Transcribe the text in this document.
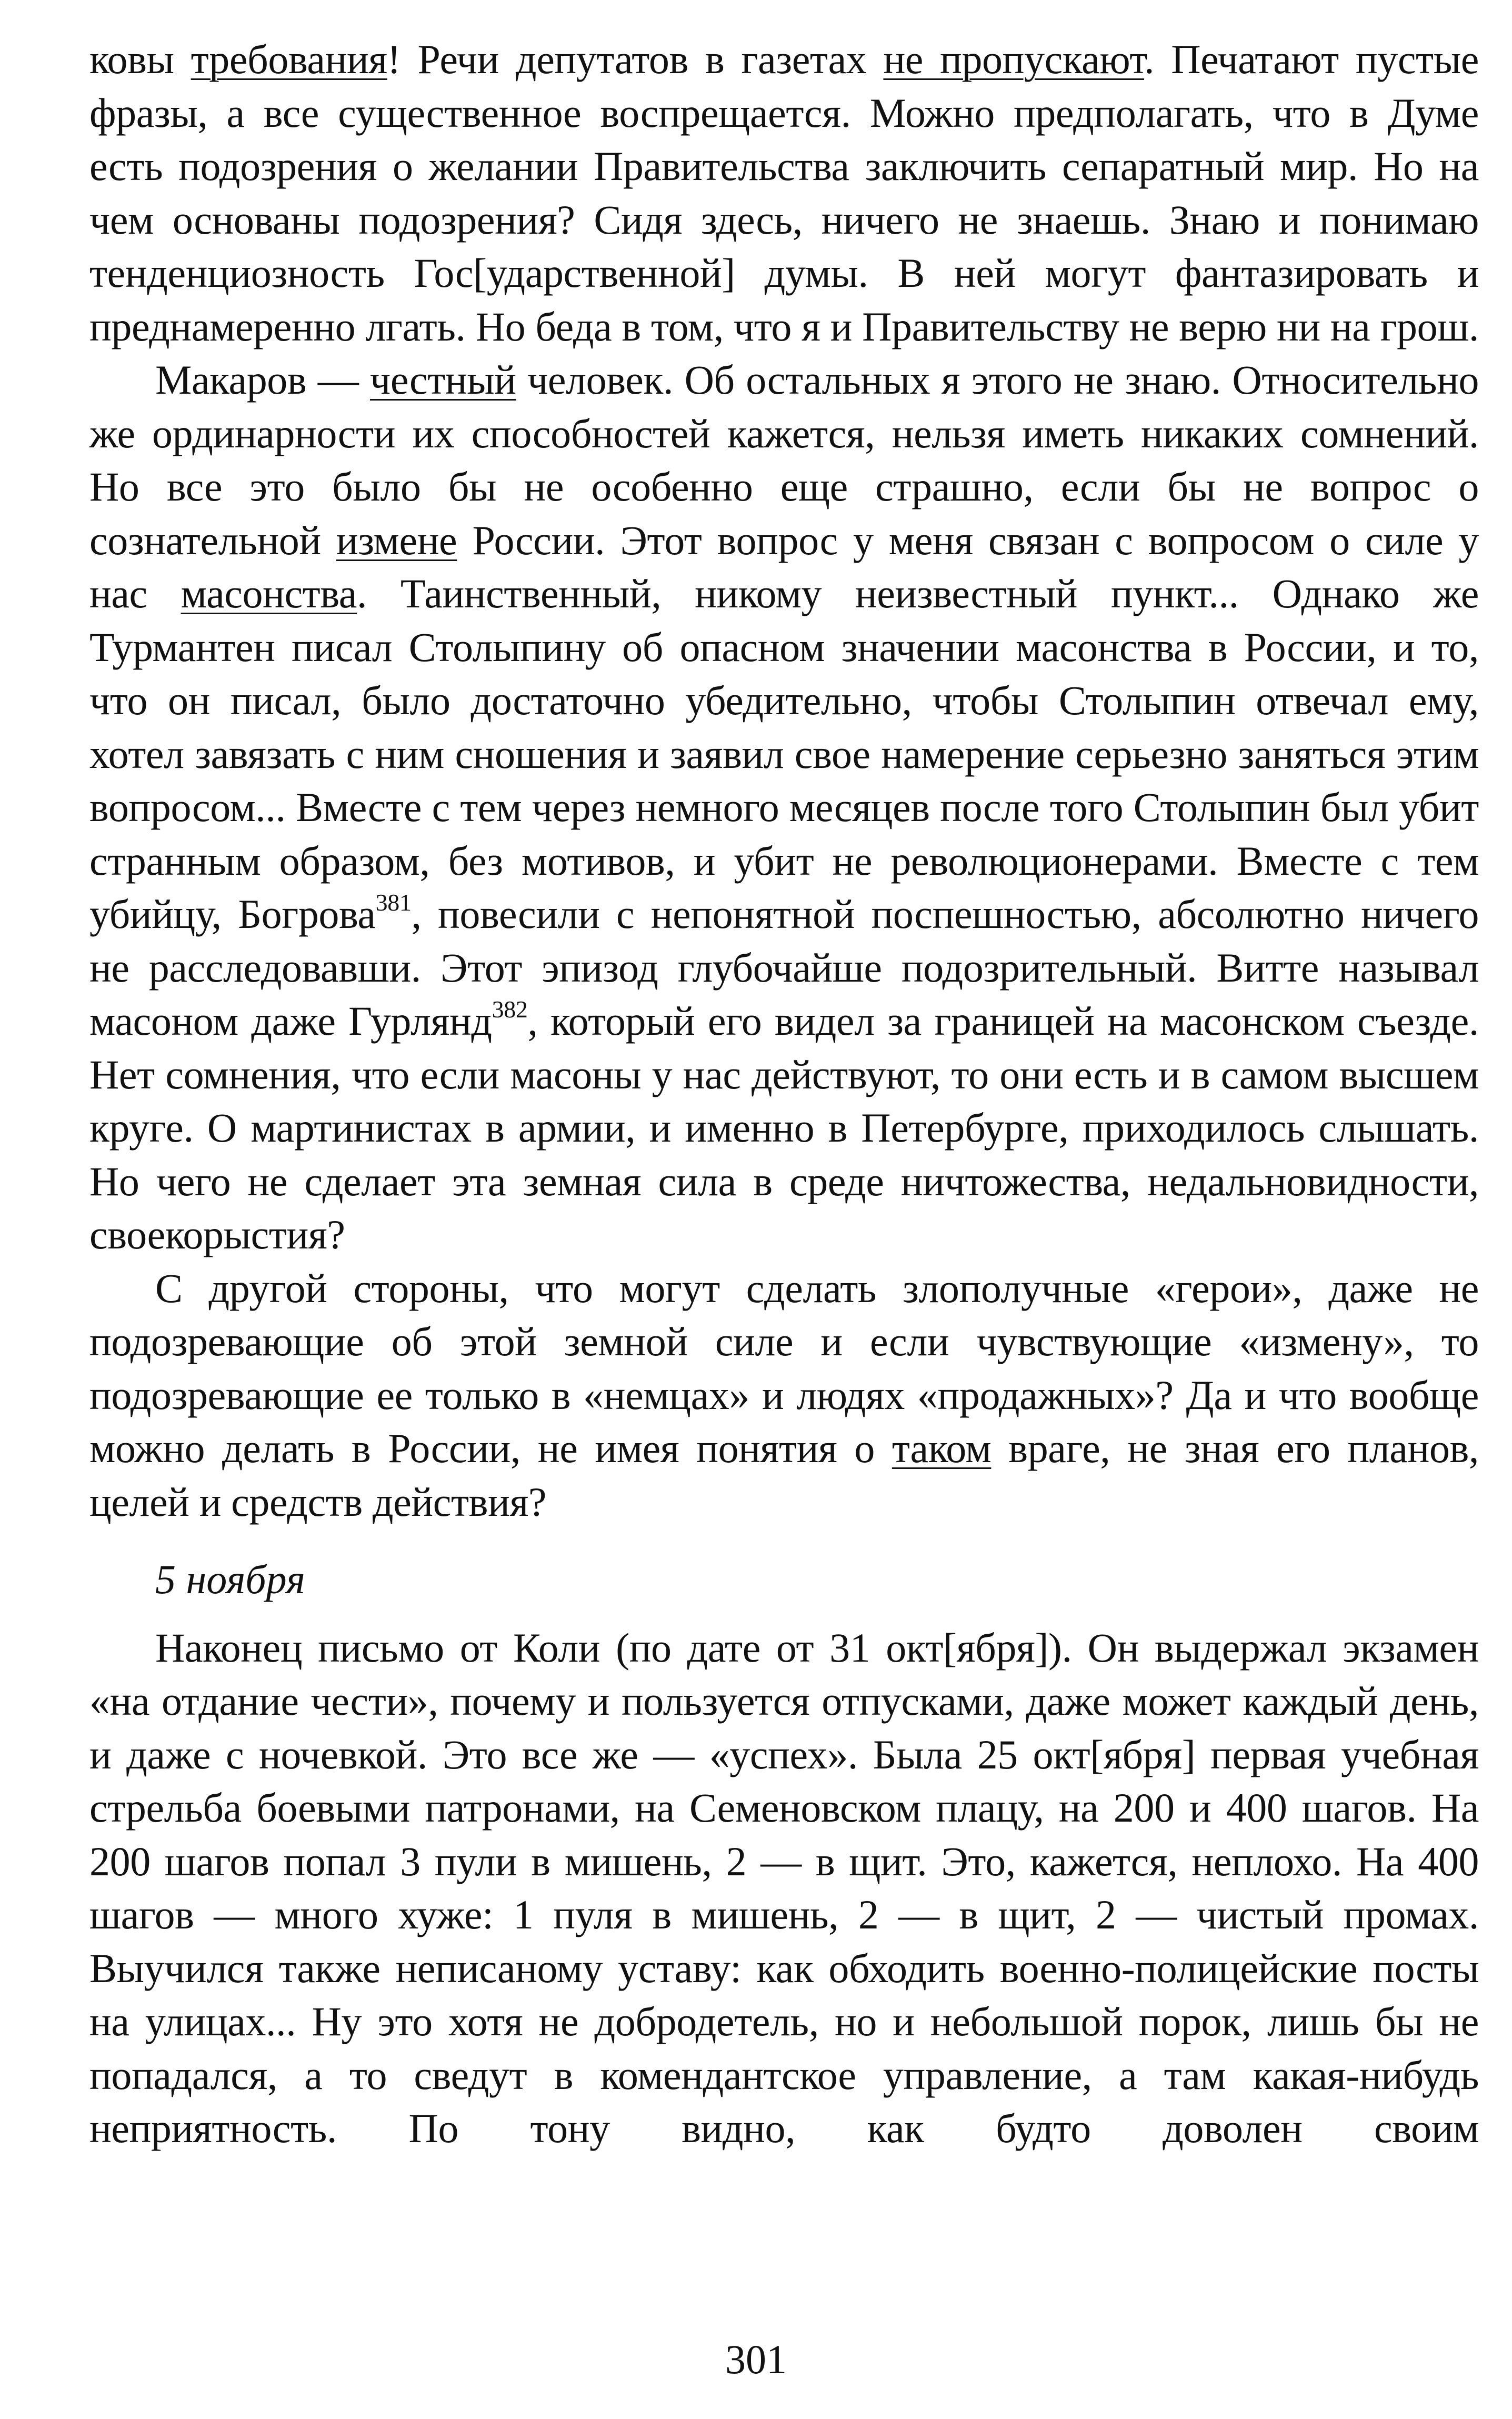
ковы требования! Речи депутатов в газетах не пропускают. Печатают пустые фразы, а все существенное воспрещается. Можно предполагать, что в Думе есть подозрения о желании Правительства заключить сепаратный мир. Но на чем основаны подозрения? Сидя здесь, ничего не знаешь. Знаю и понимаю тенденциозность Гос[ударственной] думы. В ней могут фантазировать и преднамеренно лгать. Но беда в том, что я и Правительству не верю ни на грош.

Макаров — честный человек. Об остальных я этого не знаю. Относительно же ординарности их способностей кажется, нельзя иметь никаких сомнений. Но все это было бы не особенно еще страшно, если бы не вопрос о сознательной измене России. Этот вопрос у меня связан с вопросом о силе у нас масонства. Таинственный, никому неизвестный пункт... Однако же Турмантен писал Столыпину об опасном значении масонства в России, и то, что он писал, было достаточно убедительно, чтобы Столыпин отвечал ему, хотел завязать с ним сношения и заявил свое намерение серьезно заняться этим вопросом... Вместе с тем через немного месяцев после того Столыпин был убит странным образом, без мотивов, и убит не революционерами. Вместе с тем убийцу, Богрова$^{381}$, повесили с непонятной поспешностью, абсолютно ничего не расследовавши. Этот эпизод глубочайше подозрительный. Витте называл масоном даже Гурлянд$^{382}$, который его видел за границей на масонском съезде. Нет сомнения, что если масоны у нас действуют, то они есть и в самом высшем круге. О мартинистах в армии, и именно в Петербурге, приходилось слышать. Но чего не сделает эта земная сила в среде ничтожества, недальновидности, своекорыстия?

С другой стороны, что могут сделать злополучные «герои», даже не подозревающие об этой земной силе и если чувствующие «измену», то подозревающие ее только в «немцах» и людях «продажных»? Да и что вообще можно делать в России, не имея понятия о таком враге, не зная его планов, целей и средств действия?

5 ноября

Наконец письмо от Коли (по дате от 31 окт[ября]). Он выдержал экзамен «на отдание чести», почему и пользуется отпусками, даже может каждый день, и даже с ночевкой. Это все же — «успех». Была 25 окт[ября] первая учебная стрельба боевыми патронами, на Семеновском плацу, на 200 и 400 шагов. На 200 шагов попал 3 пули в мишень, 2 — в щит. Это, кажется, неплохо. На 400 шагов — много хуже: 1 пуля в мишень, 2 — в щит, 2 — чистый промах. Выучился также неписаному уставу: как обходить военно-полицейские посты на улицах... Ну это хотя не добродетель, но и небольшой порок, лишь бы не попадался, а то сведут в комендантское управление, а там какая-нибудь неприятность. По тону видно, как будто доволен своим

301
